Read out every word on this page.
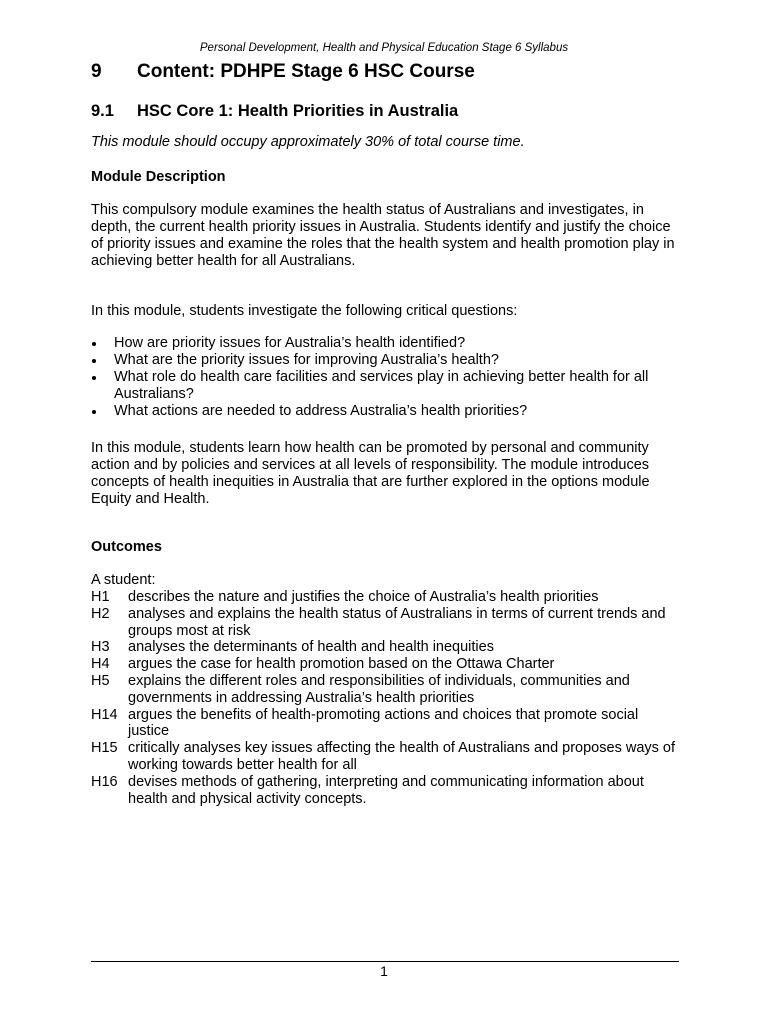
Personal Development, Health and Physical Education Stage 6 Syllabus
9	Content: PDHPE Stage 6 HSC Course
9.1	HSC Core 1: Health Priorities in Australia

This module should occupy approximately 30% of total course time.

Module Description

This compulsory module examines the health status of Australians and investigates, in depth, the current health priority issues in Australia. Students identify and justify the choice of priority issues and examine the roles that the health system and health promotion play in achieving better health for all Australians.

In this module, students investigate the following critical questions:

How are priority issues for Australia’s health identified?
What are the priority issues for improving Australia’s health?
What role do health care facilities and services play in achieving better health for all Australians?
What actions are needed to address Australia’s health priorities?

In this module, students learn how health can be promoted by personal and community action and by policies and services at all levels of responsibility. The module introduces concepts of health inequities in Australia that are further explored in the options module Equity and Health.

Outcomes

A student:

H1	describes the nature and justifies the choice of Australia’s health priorities
H2	analyses and explains the health status of Australians in terms of current trends and groups most at risk
H3	analyses the determinants of health and health inequities
H4	argues the case for health promotion based on the Ottawa Charter
H5	explains the different roles and responsibilities of individuals, communities and governments in addressing Australia’s health priorities
H14 argues the benefits of health-promoting actions and choices that promote social justice
H15 critically analyses key issues affecting the health of Australians and proposes ways of working towards better health for all
H16 devises methods of gathering, interpreting and communicating information about health and physical activity concepts.
1
